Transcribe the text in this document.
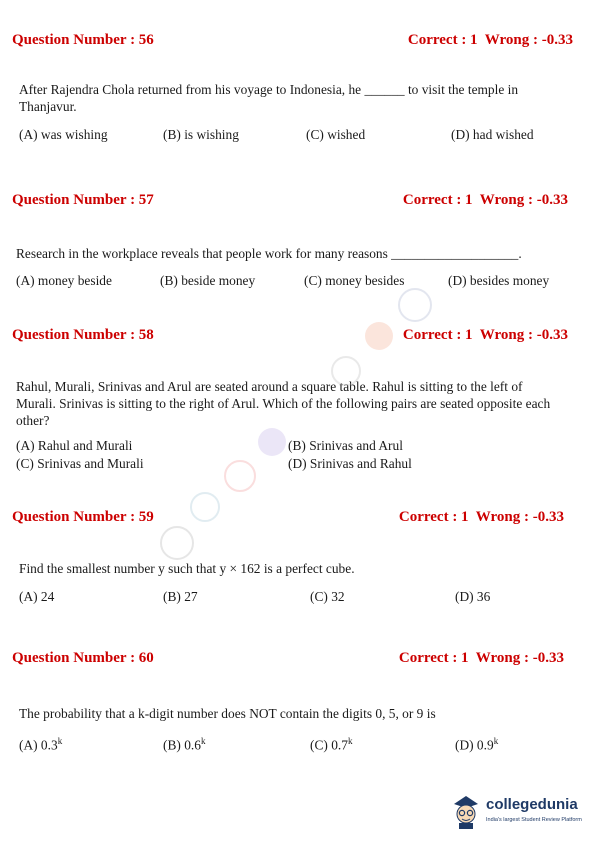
Question Number : 56	Correct : 1  Wrong : -0.33
After Rajendra Chola returned from his voyage to Indonesia, he ______ to visit the temple in
Thanjavur.
(A) was wishing	(B) is wishing	(C) wished	(D) had wished
Question Number : 57	Correct : 1  Wrong : -0.33
Research in the workplace reveals that people work for many reasons ___________________.
(A) money beside	(B) beside money	(C) money besides	(D) besides money
Question Number : 58	Correct : 1  Wrong : -0.33
Rahul, Murali, Srinivas and Arul are seated around a square table. Rahul is sitting to the left of
Murali. Srinivas is sitting to the right of Arul. Which of the following pairs are seated opposite each
other?
(A) Rahul and Murali	(B) Srinivas and Arul
(C) Srinivas and Murali	(D) Srinivas and Rahul
Question Number : 59	Correct : 1  Wrong : -0.33
Find the smallest number y such that y × 162 is a perfect cube.
(A) 24	(B) 27	(C) 32	(D) 36
Question Number : 60	Correct : 1  Wrong : -0.33
The probability that a k-digit number does NOT contain the digits 0, 5, or 9 is
(A) 0.3$^k$	(B) 0.6$^k$	(C) 0.7$^k$	(D) 0.9$^k$
collegedunia
India's largest Student Review Platform
